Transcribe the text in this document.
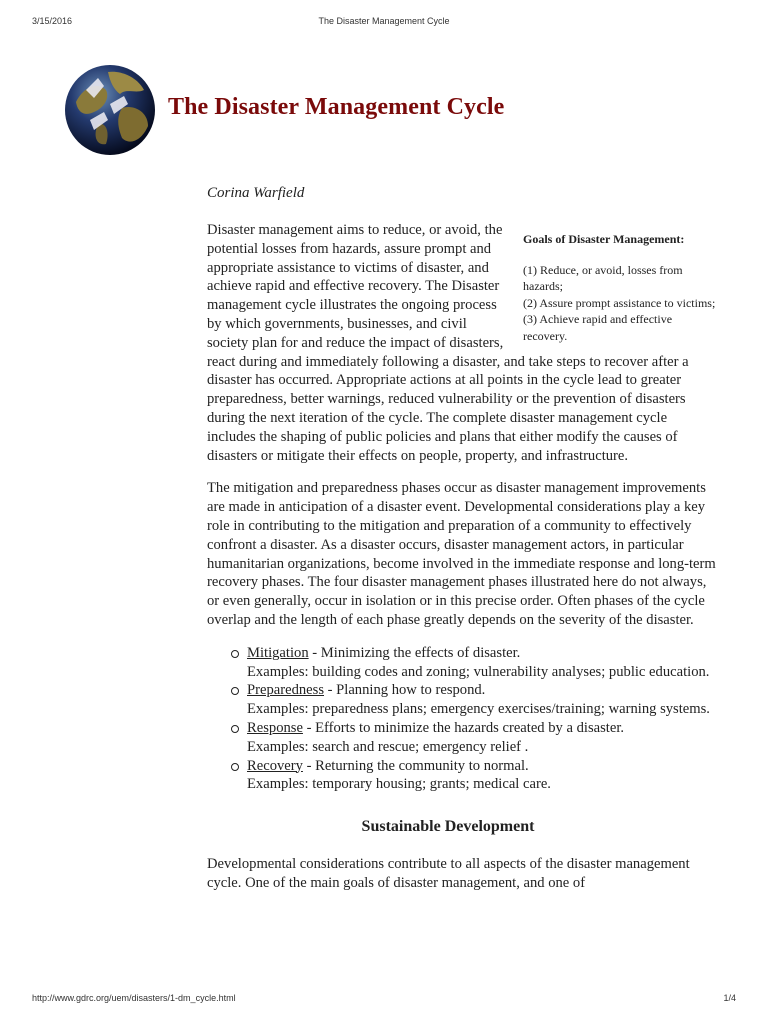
3/15/2016	The Disaster Management Cycle
The Disaster Management Cycle
Corina Warfield
Goals of Disaster Management:
(1) Reduce, or avoid, losses from hazards;
(2) Assure prompt assistance to victims;
(3) Achieve rapid and effective recovery.

Disaster management aims to reduce, or avoid, the potential losses from hazards, assure prompt and appropriate assistance to victims of disaster, and achieve rapid and effective recovery. The Disaster management cycle illustrates the ongoing process by which governments, businesses, and civil society plan for and reduce the impact of disasters, react during and immediately following a disaster, and take steps to recover after a disaster has occurred. Appropriate actions at all points in the cycle lead to greater preparedness, better warnings, reduced vulnerability or the prevention of disasters during the next iteration of the cycle. The complete disaster management cycle includes the shaping of public policies and plans that either modify the causes of disasters or mitigate their effects on people, property, and infrastructure.

The mitigation and preparedness phases occur as disaster management improvements are made in anticipation of a disaster event. Developmental considerations play a key role in contributing to the mitigation and preparation of a community to effectively confront a disaster. As a disaster occurs, disaster management actors, in particular humanitarian organizations, become involved in the immediate response and long-term recovery phases. The four disaster management phases illustrated here do not always, or even generally, occur in isolation or in this precise order. Often phases of the cycle overlap and the length of each phase greatly depends on the severity of the disaster.

Mitigation - Minimizing the effects of disaster.
Examples: building codes and zoning; vulnerability analyses; public education.
Preparedness - Planning how to respond.
Examples: preparedness plans; emergency exercises/training; warning systems.
Response - Efforts to minimize the hazards created by a disaster.
Examples: search and rescue; emergency relief .
Recovery - Returning the community to normal.
Examples: temporary housing; grants; medical care.
Sustainable Development

Developmental considerations contribute to all aspects of the disaster management cycle. One of the main goals of disaster management, and one of

http://www.gdrc.org/uem/disasters/1-dm_cycle.html	1/4
